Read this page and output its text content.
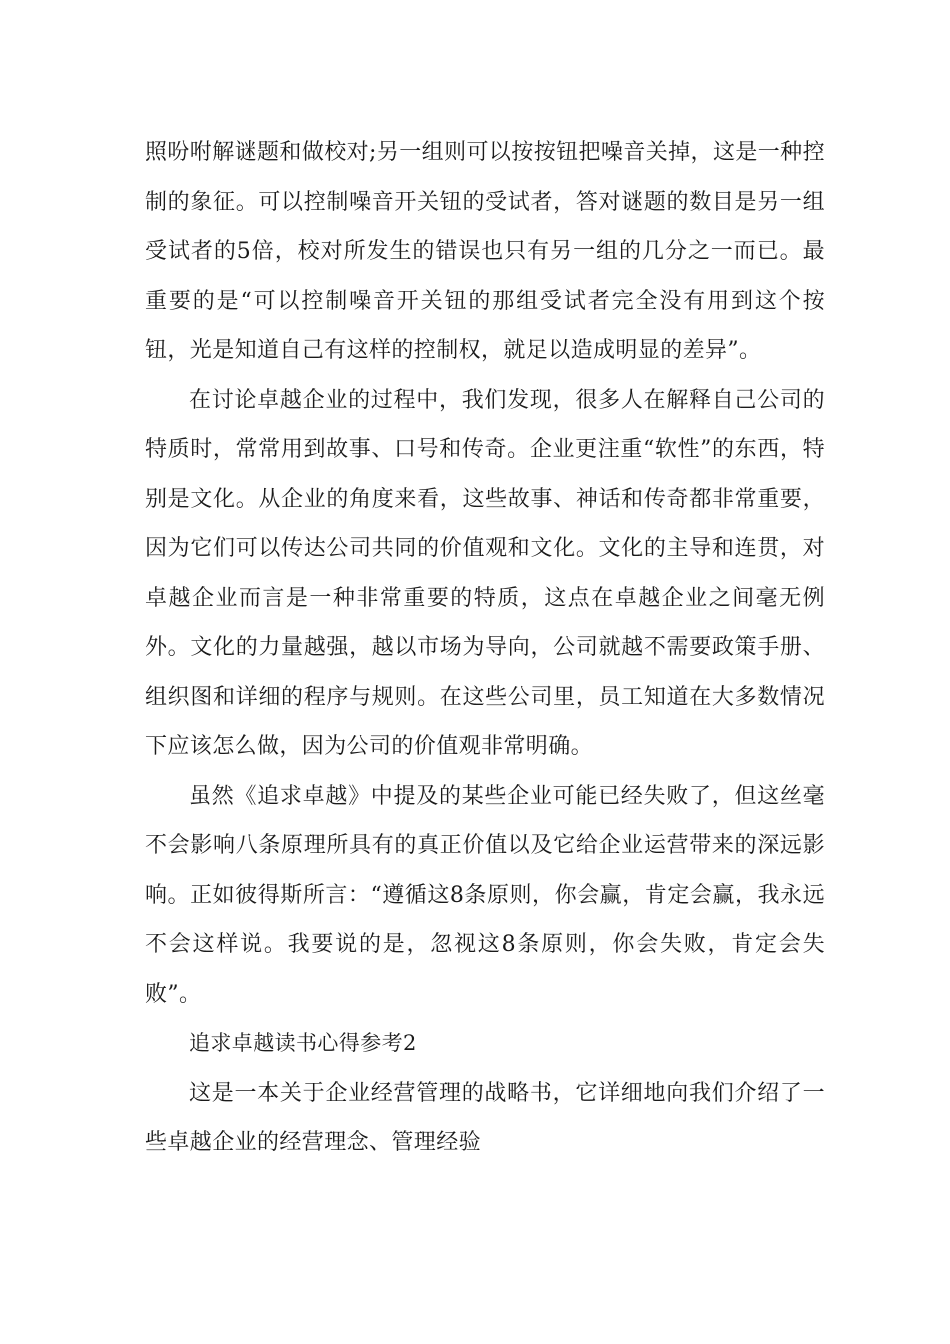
照吩咐解谜题和做校对;另一组则可以按按钮把噪音关掉，这是一种控制的象征。可以控制噪音开关钮的受试者，答对谜题的数目是另一组受试者的5倍，校对所发生的错误也只有另一组的几分之一而已。最重要的是“可以控制噪音开关钮的那组受试者完全没有用到这个按钮，光是知道自己有这样的控制权，就足以造成明显的差异”。

在讨论卓越企业的过程中，我们发现，很多人在解释自己公司的特质时，常常用到故事、口号和传奇。企业更注重“软性”的东西，特别是文化。从企业的角度来看，这些故事、神话和传奇都非常重要，因为它们可以传达公司共同的价值观和文化。文化的主导和连贯，对卓越企业而言是一种非常重要的特质，这点在卓越企业之间毫无例外。文化的力量越强，越以市场为导向，公司就越不需要政策手册、组织图和详细的程序与规则。在这些公司里，员工知道在大多数情况下应该怎么做，因为公司的价值观非常明确。

虽然《追求卓越》中提及的某些企业可能已经失败了，但这丝毫不会影响八条原理所具有的真正价值以及它给企业运营带来的深远影响。正如彼得斯所言：“遵循这8条原则，你会赢，肯定会赢，我永远不会这样说。我要说的是，忽视这8条原则，你会失败，肯定会失败”。

追求卓越读书心得参考2

这是一本关于企业经营管理的战略书，它详细地向我们介绍了一些卓越企业的经营理念、管理经验
